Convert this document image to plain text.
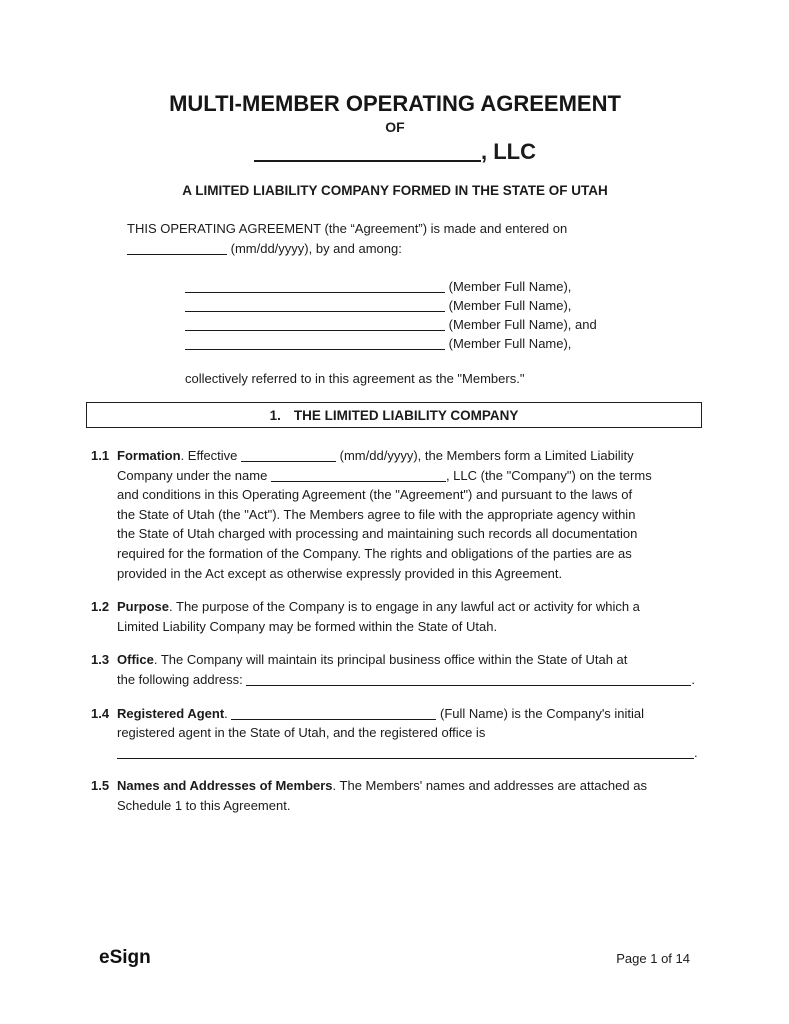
MULTI-MEMBER OPERATING AGREEMENT
OF
, LLC
A LIMITED LIABILITY COMPANY FORMED IN THE STATE OF UTAH

THIS OPERATING AGREEMENT (the “Agreement”) is made and entered on
(mm/dd/yyyy), by and among:

(Member Full Name),
(Member Full Name),
(Member Full Name), and
(Member Full Name),

collectively referred to in this agreement as the "Members."

1. THE LIMITED LIABILITY COMPANY

1.1 Formation. Effective	(mm/dd/yyyy), the Members form a Limited Liability
Company under the name	, LLC (the "Company") on the terms
and conditions in this Operating Agreement (the "Agreement") and pursuant to the laws of
the State of Utah (the "Act"). The Members agree to file with the appropriate agency within
the State of Utah charged with processing and maintaining such records all documentation
required for the formation of the Company. The rights and obligations of the parties are as
provided in the Act except as otherwise expressly provided in this Agreement.

1.2 Purpose. The purpose of the Company is to engage in any lawful act or activity for which a
Limited Liability Company may be formed within the State of Utah.

1.3 Office. The Company will maintain its principal business office within the State of Utah at
the following address:	.

1.4 Registered Agent.	(Full Name) is the Company's initial
registered agent in the State of Utah, and the registered office is
.

1.5 Names and Addresses of Members. The Members' names and addresses are attached as
Schedule 1 to this Agreement.

eSign	Page 1 of 14
